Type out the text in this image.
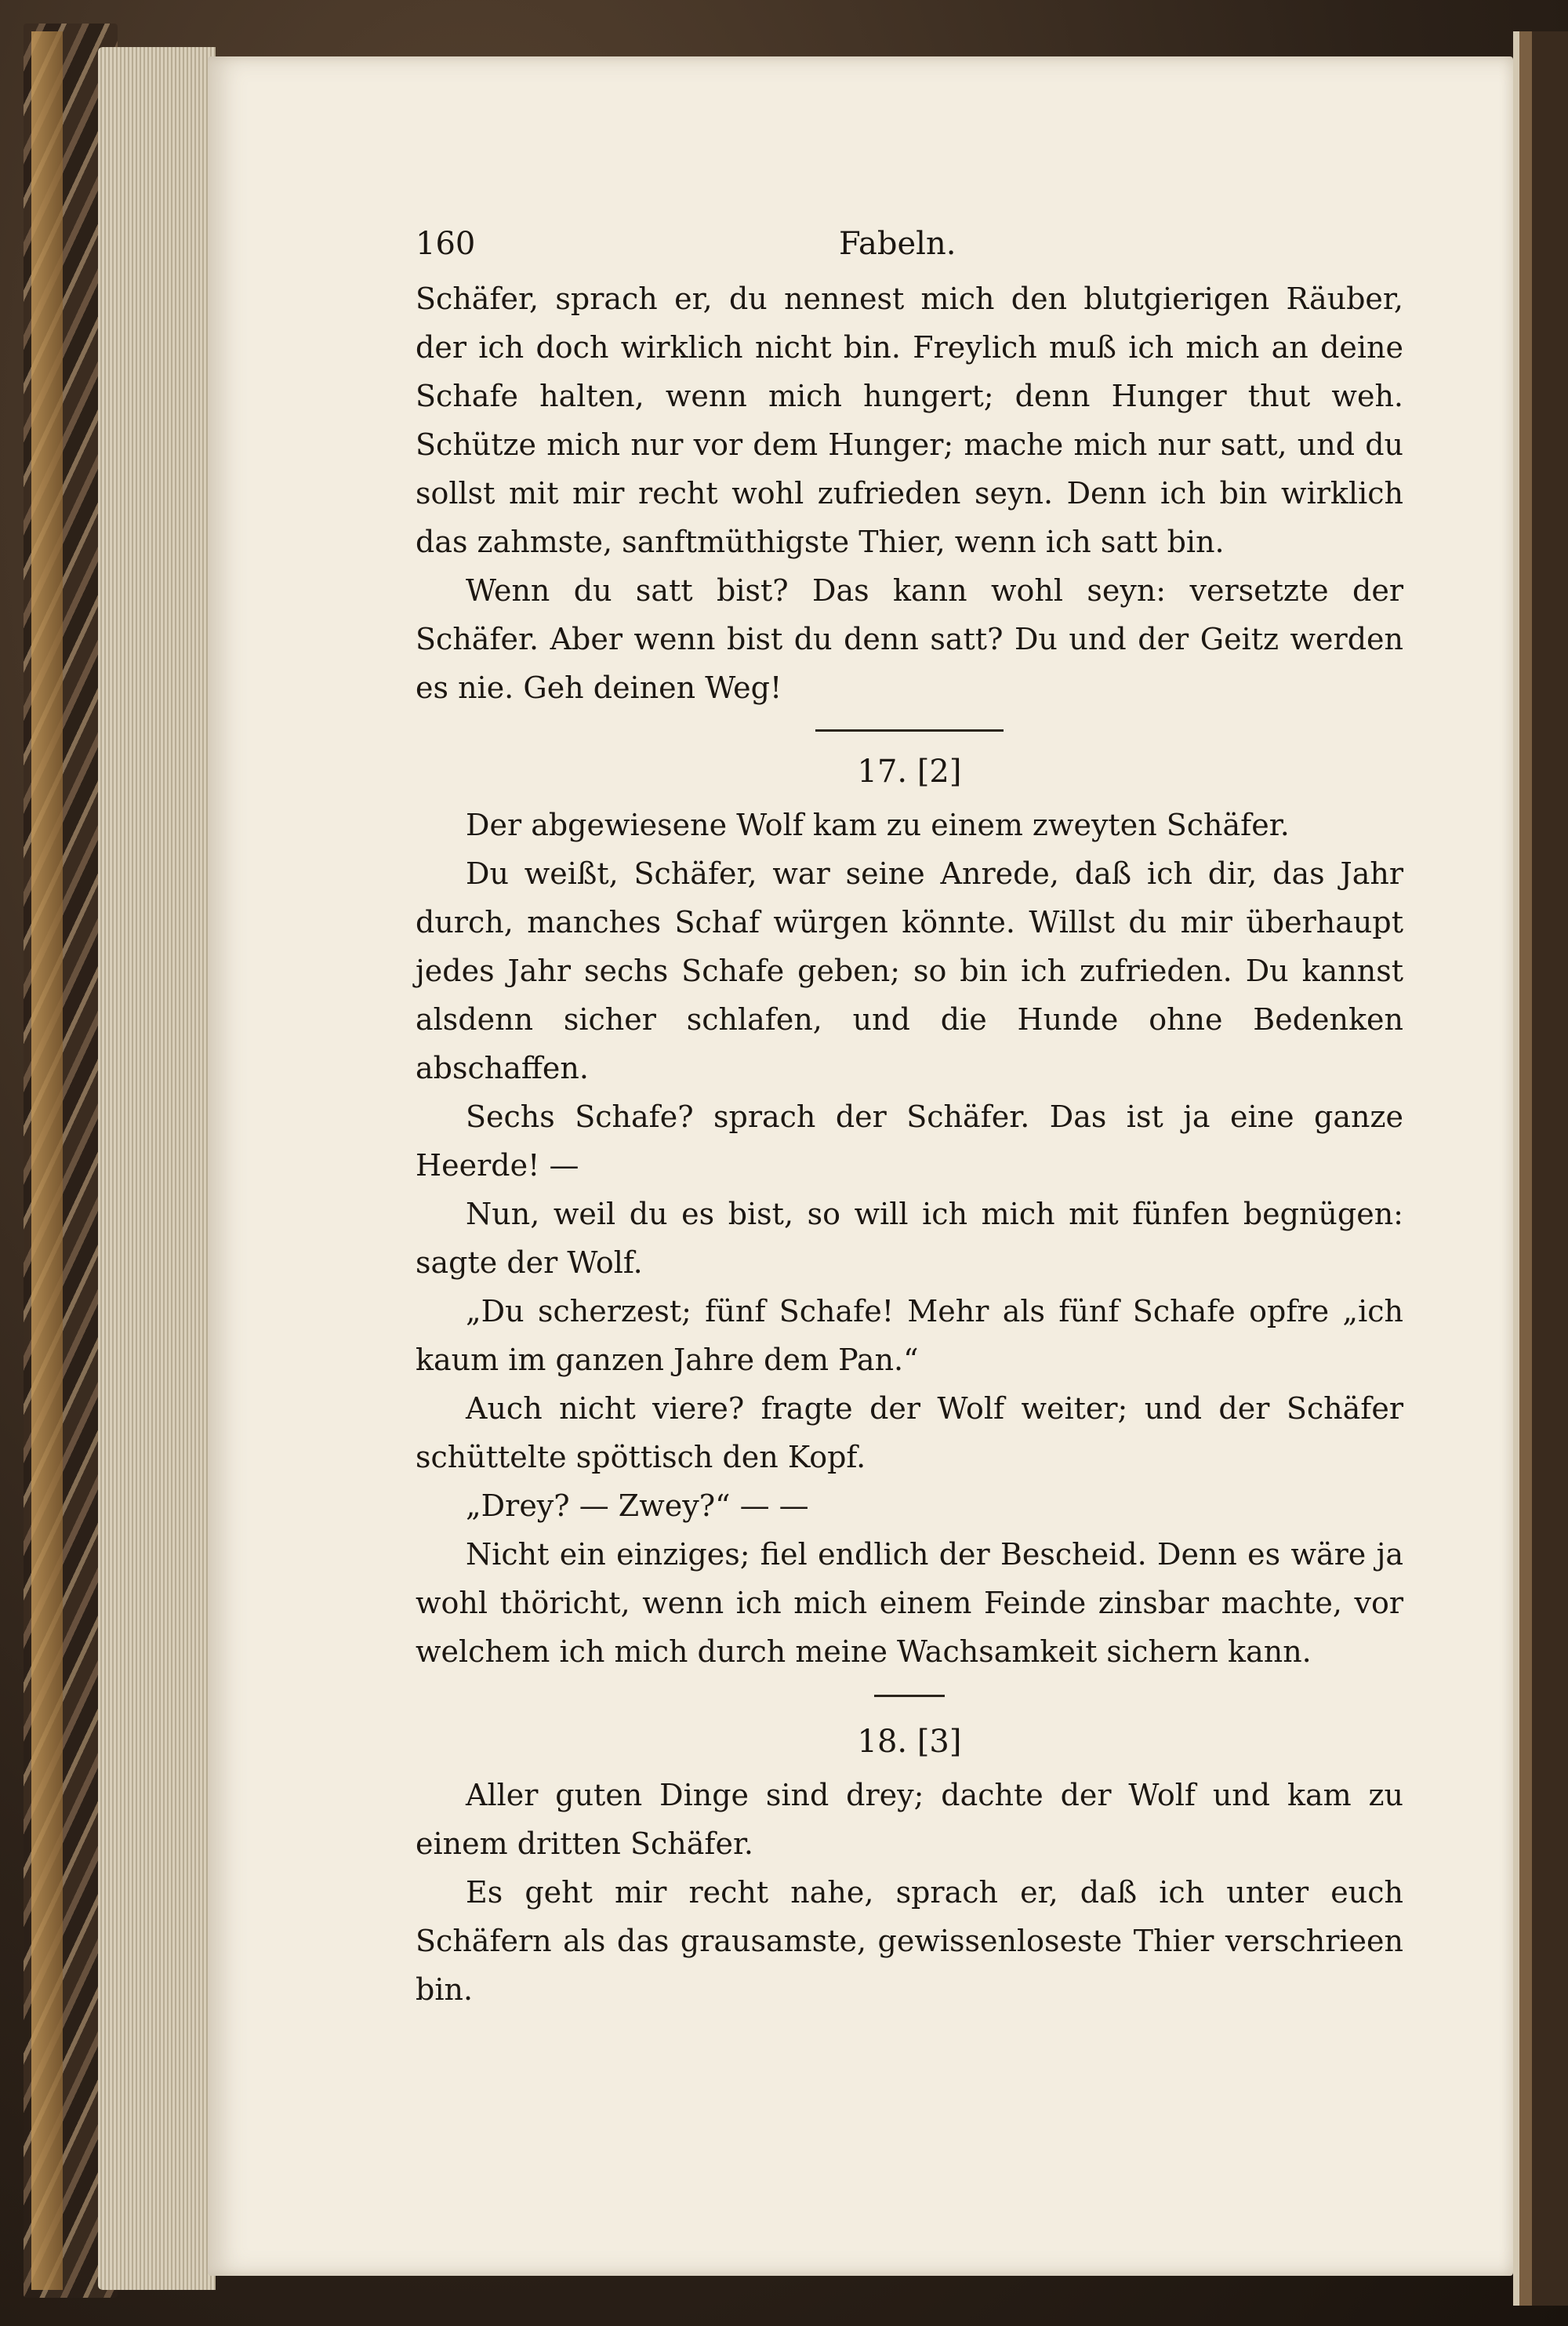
160	Fabeln.

Schäfer, sprach er, du nennest mich den blutgierigen Räuber, der ich doch wirklich nicht bin. Freylich muß ich mich an deine Schafe halten, wenn mich hungert; denn Hunger thut weh. Schütze mich nur vor dem Hunger; mache mich nur satt, und du sollst mit mir recht wohl zufrieden seyn. Denn ich bin wirklich das zahmste, sanftmüthigste Thier, wenn ich satt bin.

Wenn du satt bist? Das kann wohl seyn: versetzte der Schäfer. Aber wenn bist du denn satt? Du und der Geitz werden es nie. Geh deinen Weg!

17. [2]

Der abgewiesene Wolf kam zu einem zweyten Schäfer.

Du weißt, Schäfer, war seine Anrede, daß ich dir, das Jahr durch, manches Schaf würgen könnte. Willst du mir überhaupt jedes Jahr sechs Schafe geben; so bin ich zufrieden. Du kannst alsdenn sicher schlafen, und die Hunde ohne Bedenken abschaffen.

Sechs Schafe? sprach der Schäfer. Das ist ja eine ganze Heerde! —

Nun, weil du es bist, so will ich mich mit fünfen begnügen: sagte der Wolf.

„Du scherzest; fünf Schafe! Mehr als fünf Schafe opfre „ich kaum im ganzen Jahre dem Pan.“

Auch nicht viere? fragte der Wolf weiter; und der Schäfer schüttelte spöttisch den Kopf.

„Drey? — Zwey?“ — —

Nicht ein einziges; fiel endlich der Bescheid. Denn es wäre ja wohl thöricht, wenn ich mich einem Feinde zinsbar machte, vor welchem ich mich durch meine Wachsamkeit sichern kann.

18. [3]

Aller guten Dinge sind drey; dachte der Wolf und kam zu einem dritten Schäfer.

Es geht mir recht nahe, sprach er, daß ich unter euch Schäfern als das grausamste, gewissenloseste Thier verschrieen bin.
